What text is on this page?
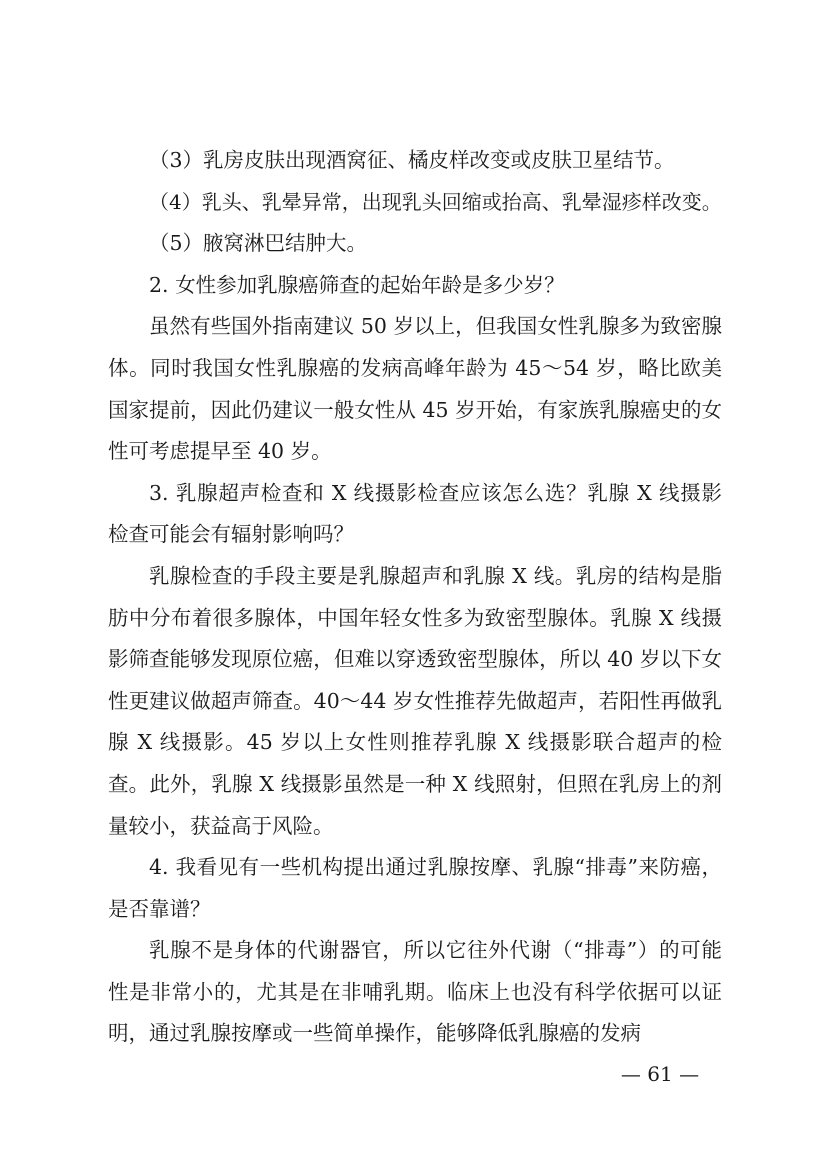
（3）乳房皮肤出现酒窝征、橘皮样改变或皮肤卫星结节。

（4）乳头、乳晕异常，出现乳头回缩或抬高、乳晕湿疹样改变。

（5）腋窝淋巴结肿大。

2. 女性参加乳腺癌筛查的起始年龄是多少岁？

虽然有些国外指南建议 50 岁以上，但我国女性乳腺多为致密腺体。同时我国女性乳腺癌的发病高峰年龄为 45～54 岁，略比欧美国家提前，因此仍建议一般女性从 45 岁开始，有家族乳腺癌史的女性可考虑提早至 40 岁。

3. 乳腺超声检查和 X 线摄影检查应该怎么选？乳腺 X 线摄影检查可能会有辐射影响吗？

乳腺检查的手段主要是乳腺超声和乳腺 X 线。乳房的结构是脂肪中分布着很多腺体，中国年轻女性多为致密型腺体。乳腺 X 线摄影筛查能够发现原位癌，但难以穿透致密型腺体，所以 40 岁以下女性更建议做超声筛查。40～44 岁女性推荐先做超声，若阳性再做乳腺 X 线摄影。45 岁以上女性则推荐乳腺 X 线摄影联合超声的检查。此外，乳腺 X 线摄影虽然是一种 X 线照射，但照在乳房上的剂量较小，获益高于风险。

4. 我看见有一些机构提出通过乳腺按摩、乳腺“排毒”来防癌，是否靠谱？

乳腺不是身体的代谢器官，所以它往外代谢（“排毒”）的可能性是非常小的，尤其是在非哺乳期。临床上也没有科学依据可以证明，通过乳腺按摩或一些简单操作，能够降低乳腺癌的发病

— 61 —
